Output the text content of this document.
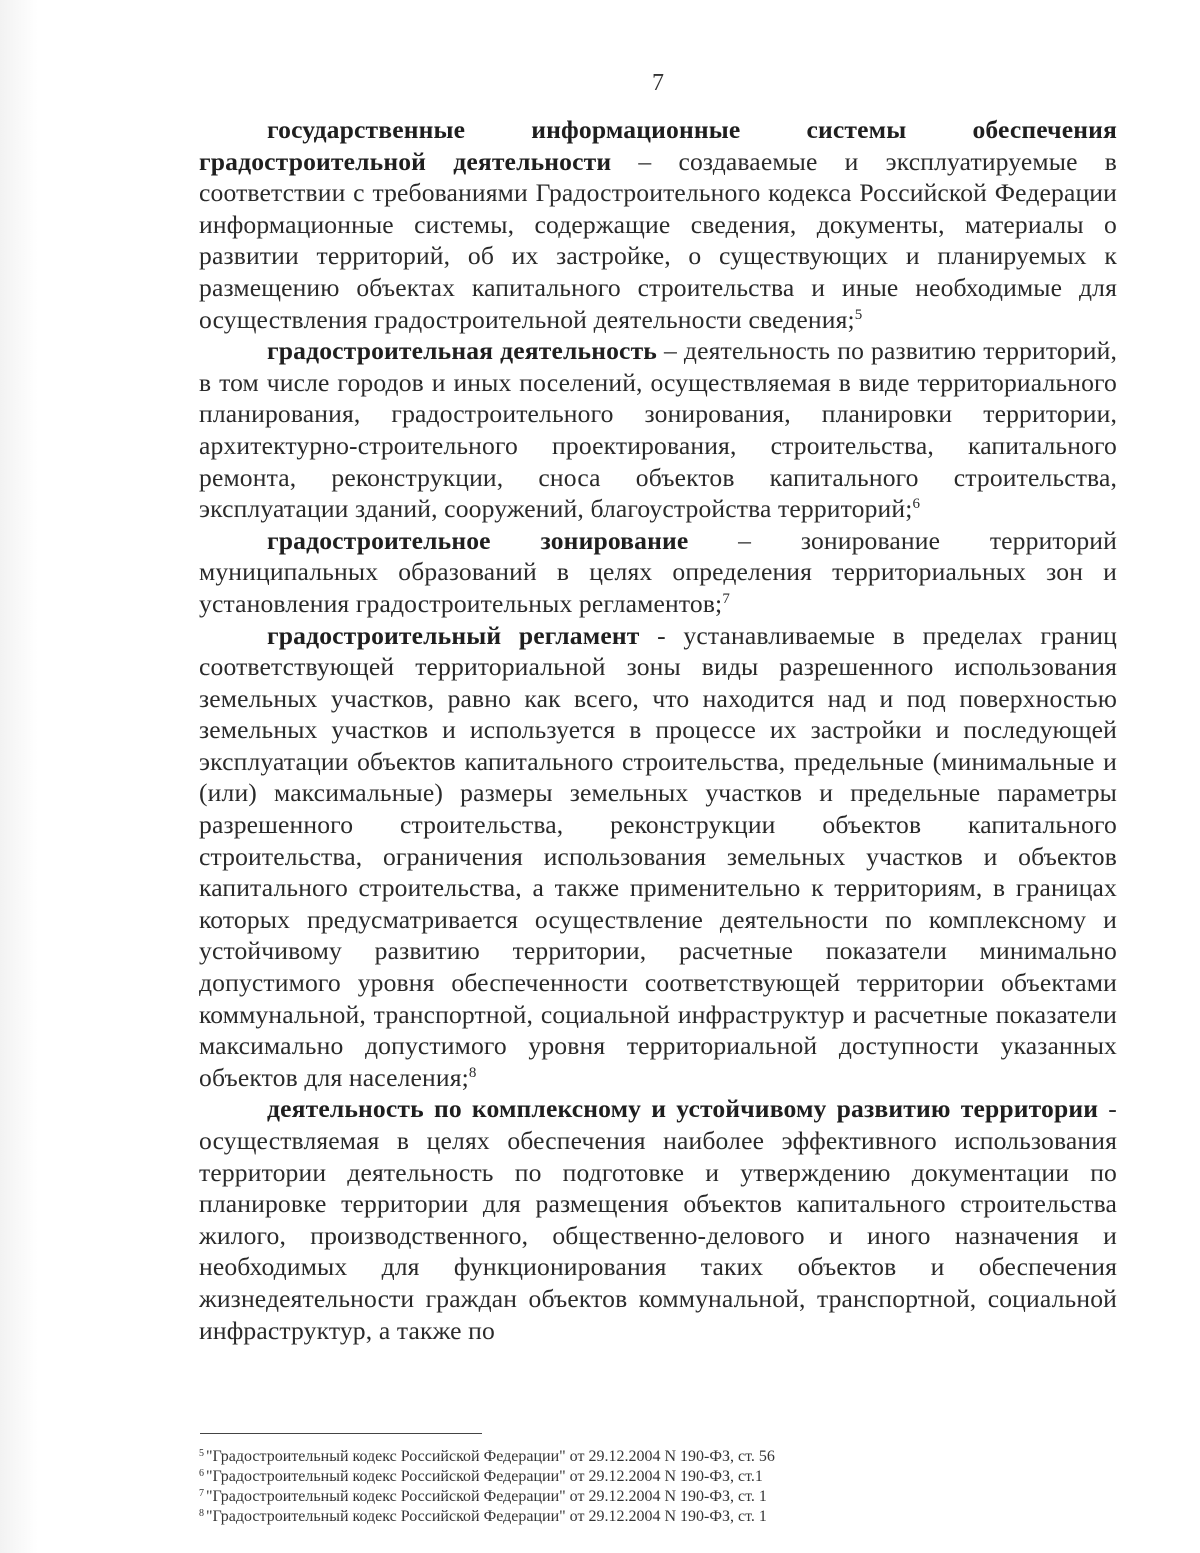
7

государственные информационные системы обеспечения градостроительной деятельности – создаваемые и эксплуатируемые в соответствии с требованиями Градостроительного кодекса Российской Федерации информационные системы, содержащие сведения, документы, материалы о развитии территорий, об их застройке, о существующих и планируемых к размещению объектах капитального строительства и иные необходимые для осуществления градостроительной деятельности сведения;$^5$

градостроительная деятельность – деятельность по развитию территорий, в том числе городов и иных поселений, осуществляемая в виде территориального планирования, градостроительного зонирования, планировки территории, архитектурно-строительного проектирования, строительства, капитального ремонта, реконструкции, сноса объектов капитального строительства, эксплуатации зданий, сооружений, благоустройства территорий;$^6$

градостроительное зонирование – зонирование территорий муниципальных образований в целях определения территориальных зон и установления градостроительных регламентов;$^7$

градостроительный регламент - устанавливаемые в пределах границ соответствующей территориальной зоны виды разрешенного использования земельных участков, равно как всего, что находится над и под поверхностью земельных участков и используется в процессе их застройки и последующей эксплуатации объектов капитального строительства, предельные (минимальные и (или) максимальные) размеры земельных участков и предельные параметры разрешенного строительства, реконструкции объектов капитального строительства, ограничения использования земельных участков и объектов капитального строительства, а также применительно к территориям, в границах которых предусматривается осуществление деятельности по комплексному и устойчивому развитию территории, расчетные показатели минимально допустимого уровня обеспеченности соответствующей территории объектами коммунальной, транспортной, социальной инфраструктур и расчетные показатели максимально допустимого уровня территориальной доступности указанных объектов для населения;$^8$

деятельность по комплексному и устойчивому развитию территории - осуществляемая в целях обеспечения наиболее эффективного использования территории деятельность по подготовке и утверждению документации по планировке территории для размещения объектов капитального строительства жилого, производственного, общественно-делового и иного назначения и необходимых для функционирования таких объектов и обеспечения жизнедеятельности граждан объектов коммунальной, транспортной, социальной инфраструктур, а также по

$^5$ "Градостроительный кодекс Российской Федерации" от 29.12.2004 N 190-ФЗ, ст. 56

$^6$ "Градостроительный кодекс Российской Федерации" от 29.12.2004 N 190-ФЗ, ст.1

$^7$ "Градостроительный кодекс Российской Федерации" от 29.12.2004 N 190-ФЗ, ст. 1

$^8$ "Градостроительный кодекс Российской Федерации" от 29.12.2004 N 190-ФЗ, ст. 1
